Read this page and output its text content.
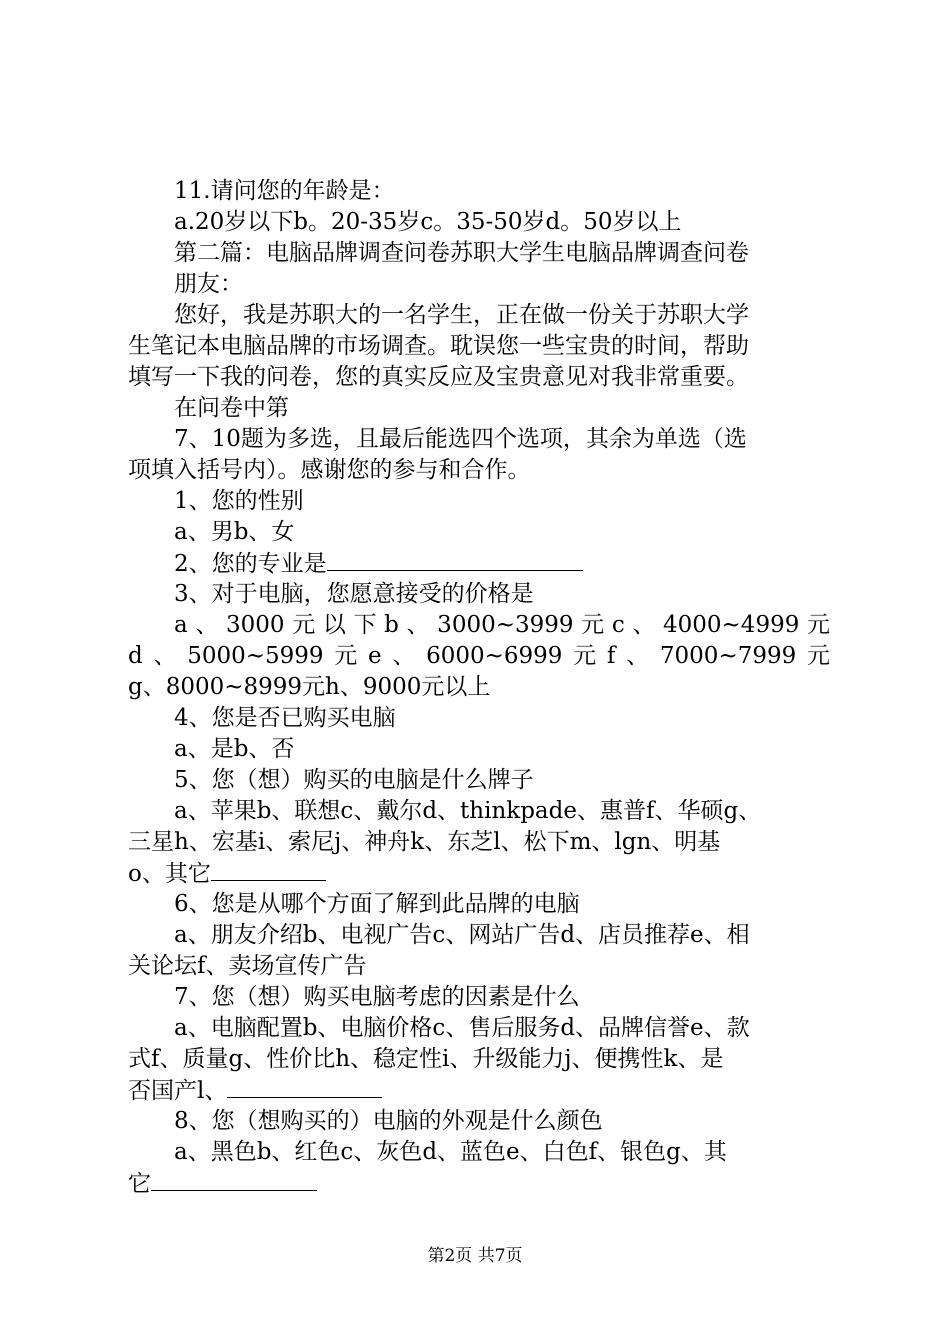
11.请问您的年龄是：
a.20岁以下b。20-35岁c。35-50岁d。50岁以上
第二篇：电脑品牌调查问卷苏职大学生电脑品牌调查问卷
朋友：
您好，我是苏职大的一名学生，正在做一份关于苏职大学
生笔记本电脑品牌的市场调查。耽误您一些宝贵的时间，帮助
填写一下我的问卷，您的真实反应及宝贵意见对我非常重要。
在问卷中第
7、10题为多选，且最后能选四个选项，其余为单选（选
项填入括号内）。感谢您的参与和合作。
1、您的性别
a、男b、女
2、您的专业是
3、对于电脑，您愿意接受的价格是
a、3000元以下b、3000~3999元c、4000~4999元
d、5000~5999元e、6000~6999元f、7000~7999元
g、8000~8999元h、9000元以上
4、您是否已购买电脑
a、是b、否
5、您（想）购买的电脑是什么牌子
a、苹果b、联想c、戴尔d、thinkpade、惠普f、华硕g、
三星h、宏基i、索尼j、神舟k、东芝l、松下m、lgn、明基
o、其它
6、您是从哪个方面了解到此品牌的电脑
a、朋友介绍b、电视广告c、网站广告d、店员推荐e、相
关论坛f、卖场宣传广告
7、您（想）购买电脑考虑的因素是什么
a、电脑配置b、电脑价格c、售后服务d、品牌信誉e、款
式f、质量g、性价比h、稳定性i、升级能力j、便携性k、是
否国产l、
8、您（想购买的）电脑的外观是什么颜色
a、黑色b、红色c、灰色d、蓝色e、白色f、银色g、其
它
第2页 共7页
